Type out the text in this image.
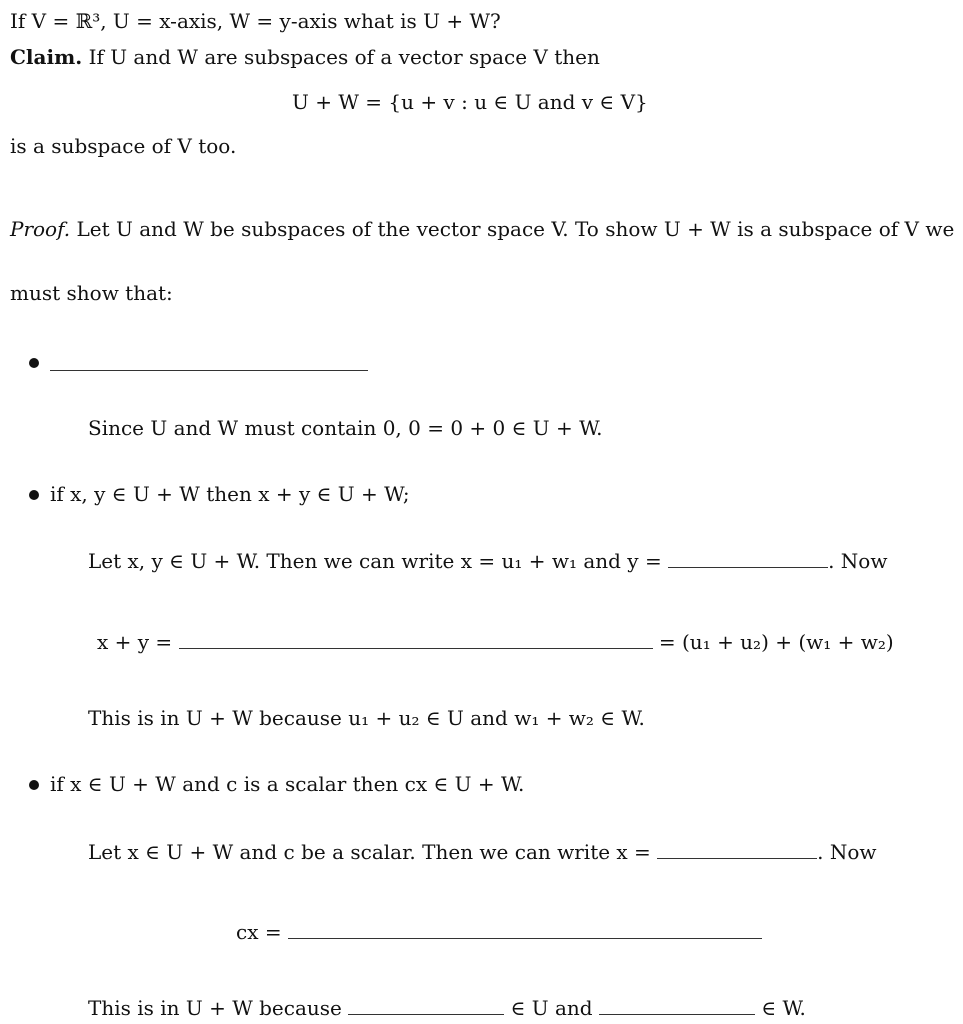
If V = ℝ³, U = x-axis, W = y-axis what is U + W?
Claim. If U and W are subspaces of a vector space V then
U + W = {u + v : u ∈ U and v ∈ V}
is a subspace of V too.
Proof. Let U and W be subspaces of the vector space V. To show U + W is a subspace of V we
must show that:
Since U and W must contain 0, 0 = 0 + 0 ∈ U + W.
if x, y ∈ U + W then x + y ∈ U + W;
Let x, y ∈ U + W. Then we can write x = u₁ + w₁ and y =	. Now
x + y =	= (u₁ + u₂) + (w₁ + w₂)
This is in U + W because u₁ + u₂ ∈ U and w₁ + w₂ ∈ W.
if x ∈ U + W and c is a scalar then cx ∈ U + W.
Let x ∈ U + W and c be a scalar. Then we can write x =	. Now
cx =
This is in U + W because	∈ U and	∈ W.
